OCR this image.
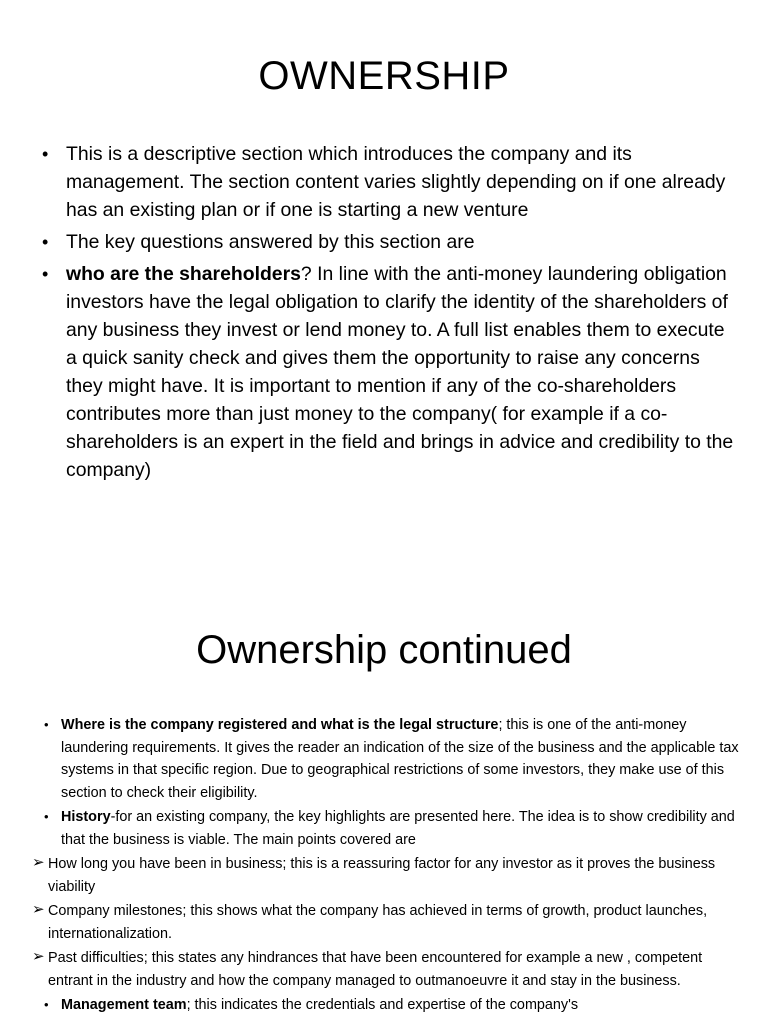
OWNERSHIP
• This is a descriptive section which introduces the company and its management. The section content varies slightly depending on if one already has an existing plan or if one is starting a new venture
• The key questions answered by this section are
• who are the shareholders? In line with the anti-money laundering obligation investors have the legal obligation to clarify the identity of the shareholders of any business they invest or lend money to. A full list enables them to execute a quick sanity check and gives them the opportunity to raise any concerns they might have. It is important to mention if any of the co-shareholders contributes more than just money to the company( for example if a co-shareholders is an expert in the field and brings in advice and credibility to the company)
Ownership continued
• Where is the company registered and what is the legal structure; this is one of the anti-money laundering requirements. It gives the reader an indication of the size of the business and the applicable tax systems in that specific region. Due to geographical restrictions of some investors, they make use of this section to check their eligibility.
• History-for an existing company, the key highlights are presented here. The idea is to show credibility and that the business is viable. The main points covered are
➢ How long you have been in business; this is a reassuring factor for any investor as it proves the business viability
➢ Company milestones; this shows what the company has achieved in terms of growth, product launches, internationalization.
➢ Past difficulties; this states any hindrances that have been encountered for example a new , competent entrant in the industry and how the company managed to outmanoeuvre it and stay in the business.
• Management team; this indicates the credentials and expertise of the company's
